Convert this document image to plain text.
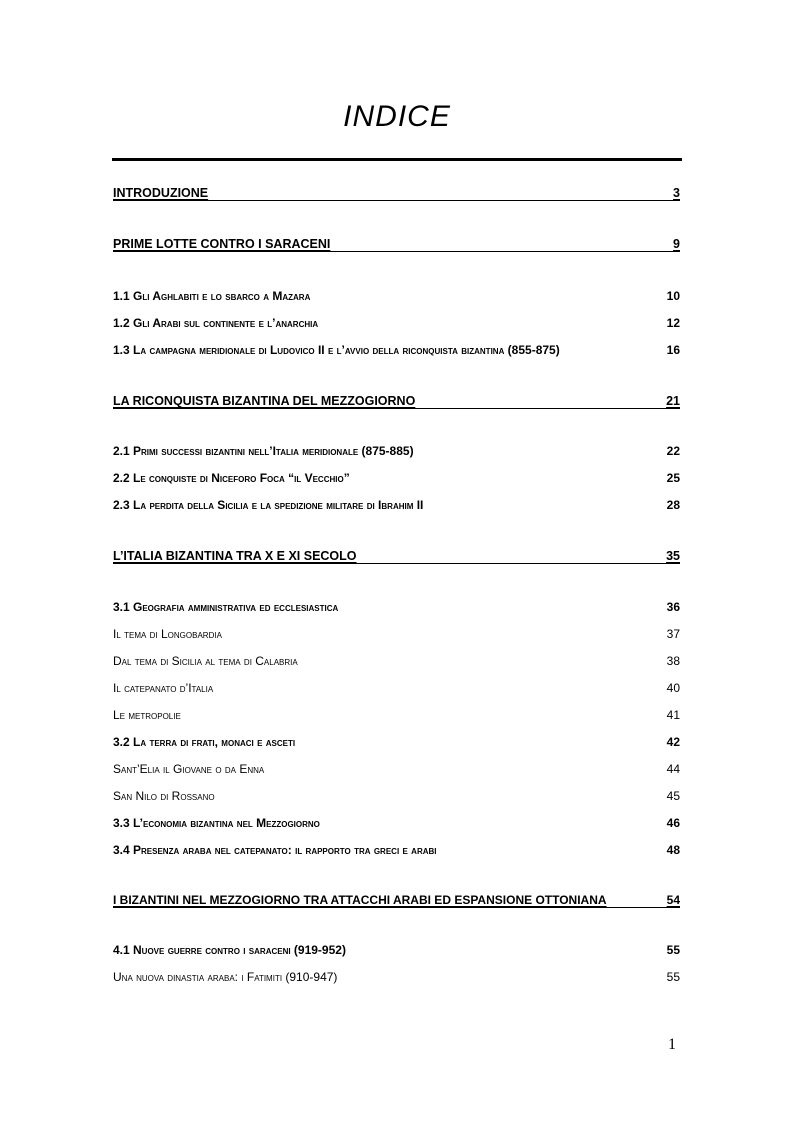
INDICE
INTRODUZIONE	3
PRIME LOTTE CONTRO I SARACENI	9
1.1 Gli Aghlabiti e lo sbarco a Mazara	10
1.2 Gli Arabi sul continente e l’anarchia	12
1.3 La campagna meridionale di Ludovico II e l’avvio della riconquista bizantina (855-875)	16
LA RICONQUISTA BIZANTINA DEL MEZZOGIORNO	21
2.1 Primi successi bizantini nell’Italia meridionale (875-885)	22
2.2 Le conquiste di Niceforo Foca “il Vecchio”	25
2.3 La perdita della Sicilia e la spedizione militare di Ibrahim II	28
L’ITALIA BIZANTINA TRA X E XI SECOLO	35
3.1 Geografia amministrativa ed ecclesiastica	36
Il tema di Longobardia	37
Dal tema di Sicilia al tema di Calabria	38
Il catepanato d’Italia	40
Le metropolie	41
3.2 La terra di frati, monaci e asceti	42
Sant’Elia il Giovane o da Enna	44
San Nilo di Rossano	45
3.3 L’economia bizantina nel Mezzogiorno	46
3.4 Presenza araba nel catepanato: il rapporto tra greci e arabi	48
I BIZANTINI NEL MEZZOGIORNO TRA ATTACCHI ARABI ED ESPANSIONE OTTONIANA	54
4.1 Nuove guerre contro i saraceni (919-952)	55
Una nuova dinastia araba: i Fatimiti (910-947)	55
1
